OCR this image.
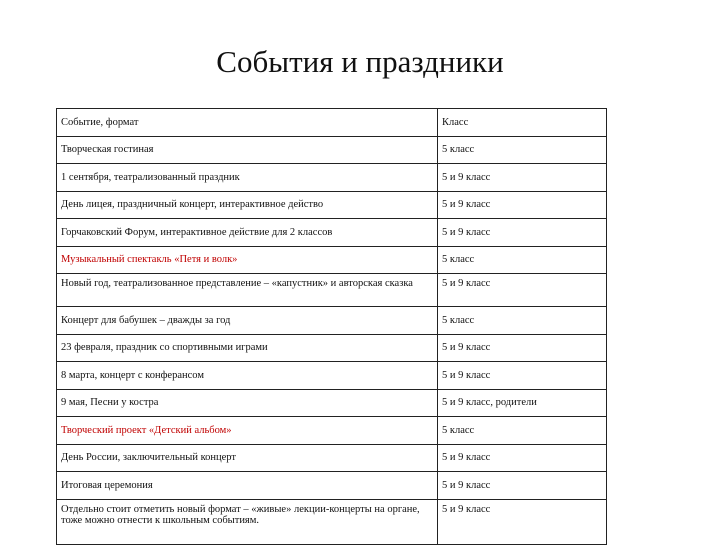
События и праздники
Событие, формат	Класс
Творческая гостиная	5 класс
1 сентября, театрализованный праздник	5 и 9 класс
День лицея, праздничный концерт, интерактивное действо	5 и 9 класс
Горчаковский Форум, интерактивное действие для 2 классов	5 и 9 класс
Музыкальный спектакль «Петя и волк»	5 класс
Новый год, театрализованное представление – «капустник» и авторская сказка	5 и 9 класс
Концерт для бабушек – дважды за год	5 класс
23 февраля, праздник со спортивными играми	5 и 9 класс
8 марта, концерт с конферансом	5 и 9 класс
9 мая, Песни у костра	5 и 9 класс, родители
Творческий проект «Детский альбом»	5 класс
День России, заключительный концерт	5 и 9 класс
Итоговая церемония	5 и 9 класс
Отдельно стоит отметить новый формат – «живые» лекции-концерты на органе, тоже можно отнести к школьным событиям.	5 и 9 класс
